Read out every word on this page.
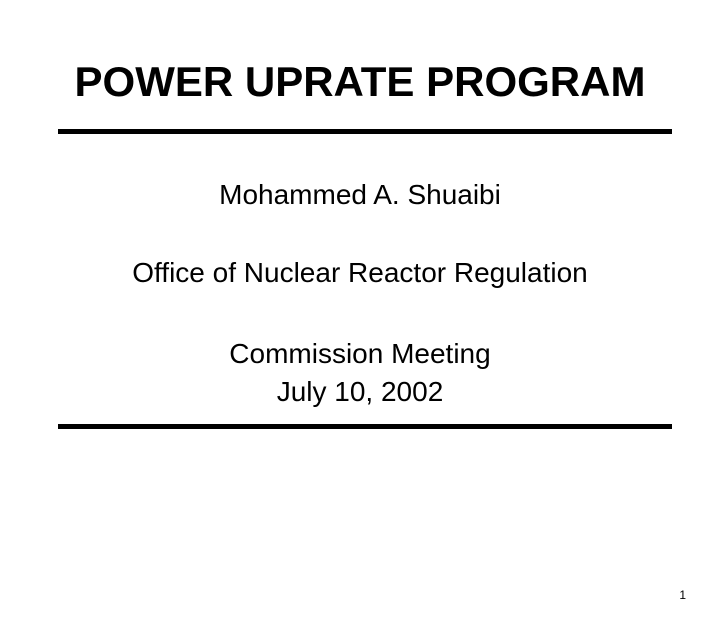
POWER UPRATE PROGRAM
Mohammed A. Shuaibi
Office of Nuclear Reactor Regulation
Commission Meeting
July 10, 2002
1
